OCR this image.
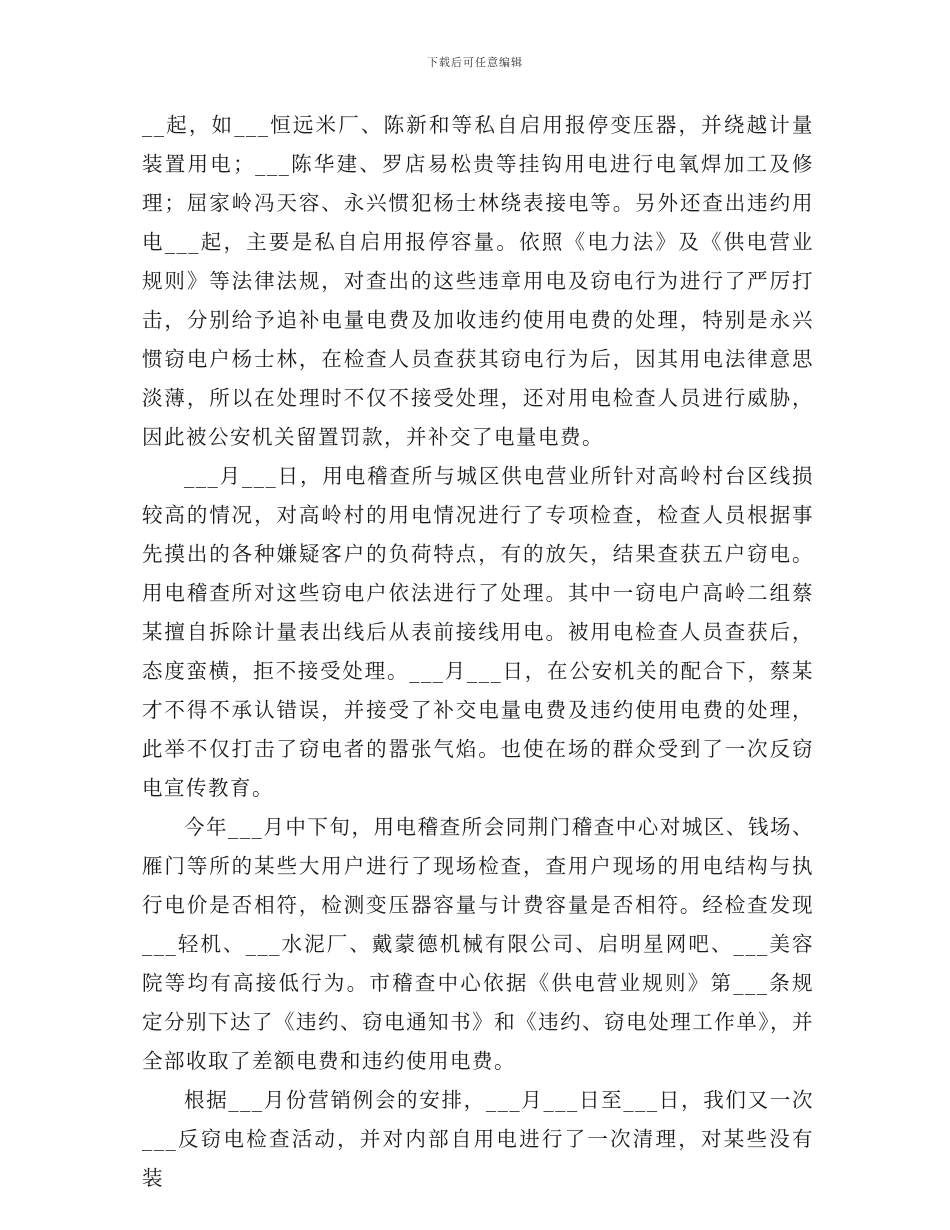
下载后可任意编辑

__起，如___恒远米厂、陈新和等私自启用报停变压器，并绕越计量装置用电；___陈华建、罗店易松贵等挂钩用电进行电氧焊加工及修理；屈家岭冯天容、永兴惯犯杨士林绕表接电等。另外还查出违约用电___起，主要是私自启用报停容量。依照《电力法》及《供电营业规则》等法律法规，对查出的这些违章用电及窃电行为进行了严厉打击，分别给予追补电量电费及加收违约使用电费的处理，特别是永兴惯窃电户杨士林，在检查人员查获其窃电行为后，因其用电法律意思淡薄，所以在处理时不仅不接受处理，还对用电检查人员进行威胁，因此被公安机关留置罚款，并补交了电量电费。

___月___日，用电稽查所与城区供电营业所针对高岭村台区线损较高的情况，对高岭村的用电情况进行了专项检查，检查人员根据事先摸出的各种嫌疑客户的负荷特点，有的放矢，结果查获五户窃电。用电稽查所对这些窃电户依法进行了处理。其中一窃电户高岭二组蔡某擅自拆除计量表出线后从表前接线用电。被用电检查人员查获后，态度蛮横，拒不接受处理。___月___日，在公安机关的配合下，蔡某才不得不承认错误，并接受了补交电量电费及违约使用电费的处理，此举不仅打击了窃电者的嚣张气焰。也使在场的群众受到了一次反窃电宣传教育。

今年___月中下旬，用电稽查所会同荆门稽查中心对城区、钱场、雁门等所的某些大用户进行了现场检查，查用户现场的用电结构与执行电价是否相符，检测变压器容量与计费容量是否相符。经检查发现___轻机、___水泥厂、戴蒙德机械有限公司、启明星网吧、___美容院等均有高接低行为。市稽查中心依据《供电营业规则》第___条规定分别下达了《违约、窃电通知书》和《违约、窃电处理工作单》，并全部收取了差额电费和违约使用电费。

根据___月份营销例会的安排，___月___日至___日，我们又一次___反窃电检查活动，并对内部自用电进行了一次清理，对某些没有装
